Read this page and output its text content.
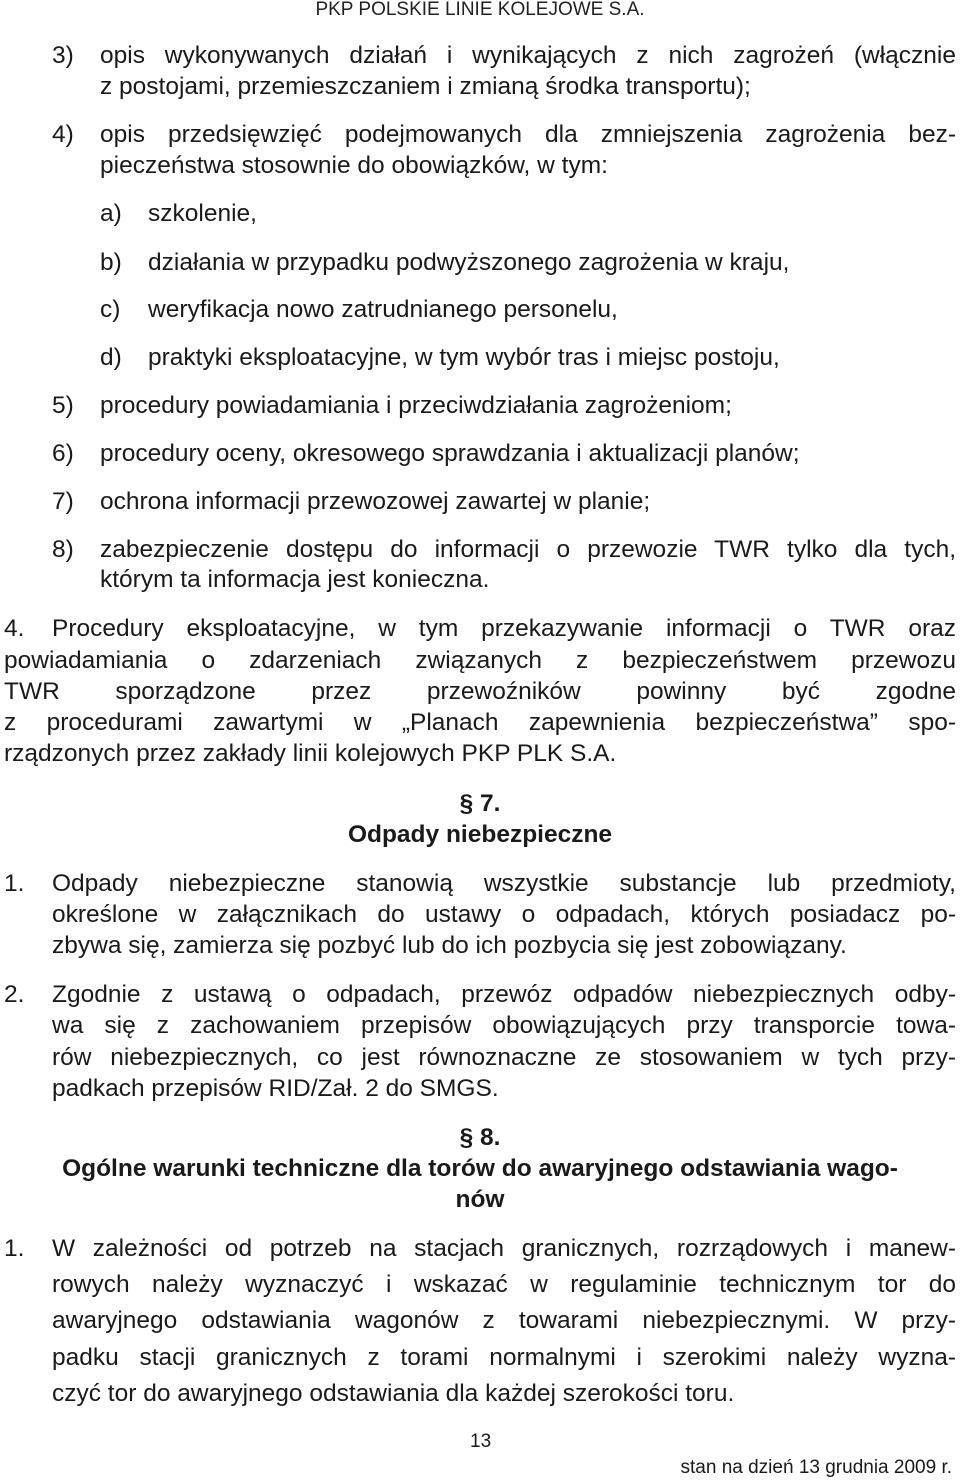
PKP POLSKIE LINIE KOLEJOWE S.A.
3) opis wykonywanych działań i wynikających z nich zagrożeń (włącznie
z postojami, przemieszczaniem i zmianą środka transportu);
4) opis przedsięwzięć podejmowanych dla zmniejszenia zagrożenia bez-
pieczeństwa stosownie do obowiązków, w tym:
a) szkolenie,
b) działania w przypadku podwyższonego zagrożenia w kraju,
c) weryfikacja nowo zatrudnianego personelu,
d) praktyki eksploatacyjne, w tym wybór tras i miejsc postoju,
5) procedury powiadamiania i przeciwdziałania zagrożeniom;
6) procedury oceny, okresowego sprawdzania i aktualizacji planów;
7) ochrona informacji przewozowej zawartej w planie;
8) zabezpieczenie dostępu do informacji o przewozie TWR tylko dla tych,
którym ta informacja jest konieczna.
4. Procedury eksploatacyjne, w tym przekazywanie informacji o TWR oraz
powiadamiania o zdarzeniach związanych z bezpieczeństwem przewozu
TWR sporządzone przez przewoźników powinny być zgodne
z procedurami zawartymi w „Planach zapewnienia bezpieczeństwa” spo-
rządzonych przez zakłady linii kolejowych PKP PLK S.A.
§ 7.
Odpady niebezpieczne
1. Odpady niebezpieczne stanowią wszystkie substancje lub przedmioty,
określone w załącznikach do ustawy o odpadach, których posiadacz po-
zbywa się, zamierza się pozbyć lub do ich pozbycia się jest zobowiązany.
2. Zgodnie z ustawą o odpadach, przewóz odpadów niebezpiecznych odby-
wa się z zachowaniem przepisów obowiązujących przy transporcie towa-
rów niebezpiecznych, co jest równoznaczne ze stosowaniem w tych przy-
padkach przepisów RID/Zał. 2 do SMGS.
§ 8.
Ogólne warunki techniczne dla torów do awaryjnego odstawiania wago-
nów
1. W zależności od potrzeb na stacjach granicznych, rozrządowych i manew-
rowych należy wyznaczyć i wskazać w regulaminie technicznym tor do
awaryjnego odstawiania wagonów z towarami niebezpiecznymi. W przy-
padku stacji granicznych z torami normalnymi i szerokimi należy wyzna-
czyć tor do awaryjnego odstawiania dla każdej szerokości toru.
13
stan na dzień 13 grudnia 2009 r.
